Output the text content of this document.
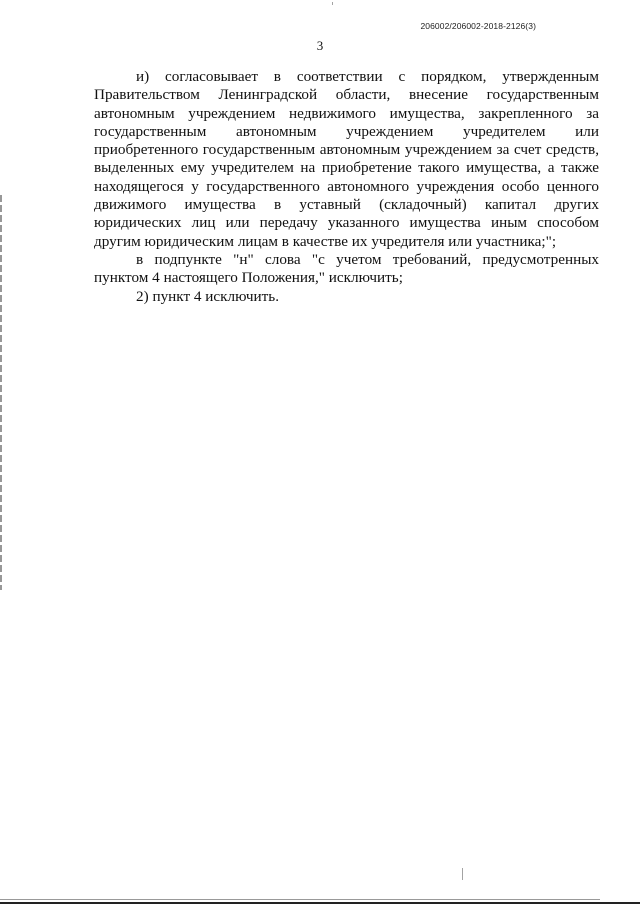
206002/206002-2018-2126(3)
3

и) согласовывает в соответствии с порядком, утвержденным Правительством Ленинградской области, внесение государственным автономным учреждением недвижимого имущества, закрепленного за государственным автономным учреждением учредителем или приобретенного государственным автономным учреждением за счет средств, выделенных ему учредителем на приобретение такого имущества, а также находящегося у государственного автономного учреждения особо ценного движимого имущества в уставный (складочный) капитал других юридических лиц или передачу указанного имущества иным способом другим юридическим лицам в качестве их учредителя или участника;";

в подпункте "н" слова "с учетом требований, предусмотренных пунктом 4 настоящего Положения," исключить;

2) пункт 4 исключить.
